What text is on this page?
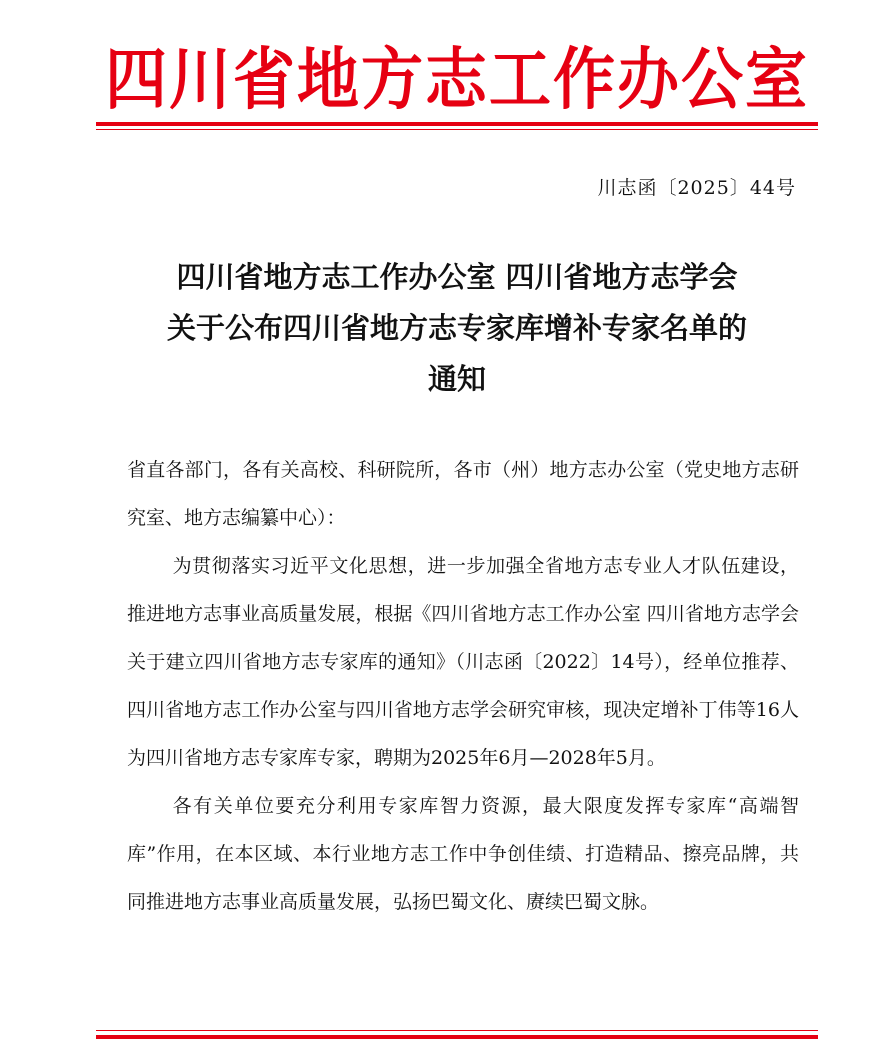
四川省地方志工作办公室
川志函〔2025〕44号
四川省地方志工作办公室 四川省地方志学会
关于公布四川省地方志专家库增补专家名单的
通知

省直各部门，各有关高校、科研院所，各市（州）地方志办公室（党史地方志研究室、地方志编纂中心）：

为贯彻落实习近平文化思想，进一步加强全省地方志专业人才队伍建设，推进地方志事业高质量发展，根据《四川省地方志工作办公室 四川省地方志学会关于建立四川省地方志专家库的通知》（川志函〔2022〕14号），经单位推荐、四川省地方志工作办公室与四川省地方志学会研究审核，现决定增补丁伟等16人为四川省地方志专家库专家，聘期为2025年6月—2028年5月。

各有关单位要充分利用专家库智力资源，最大限度发挥专家库“高端智库”作用，在本区域、本行业地方志工作中争创佳绩、打造精品、擦亮品牌，共同推进地方志事业高质量发展，弘扬巴蜀文化、赓续巴蜀文脉。
